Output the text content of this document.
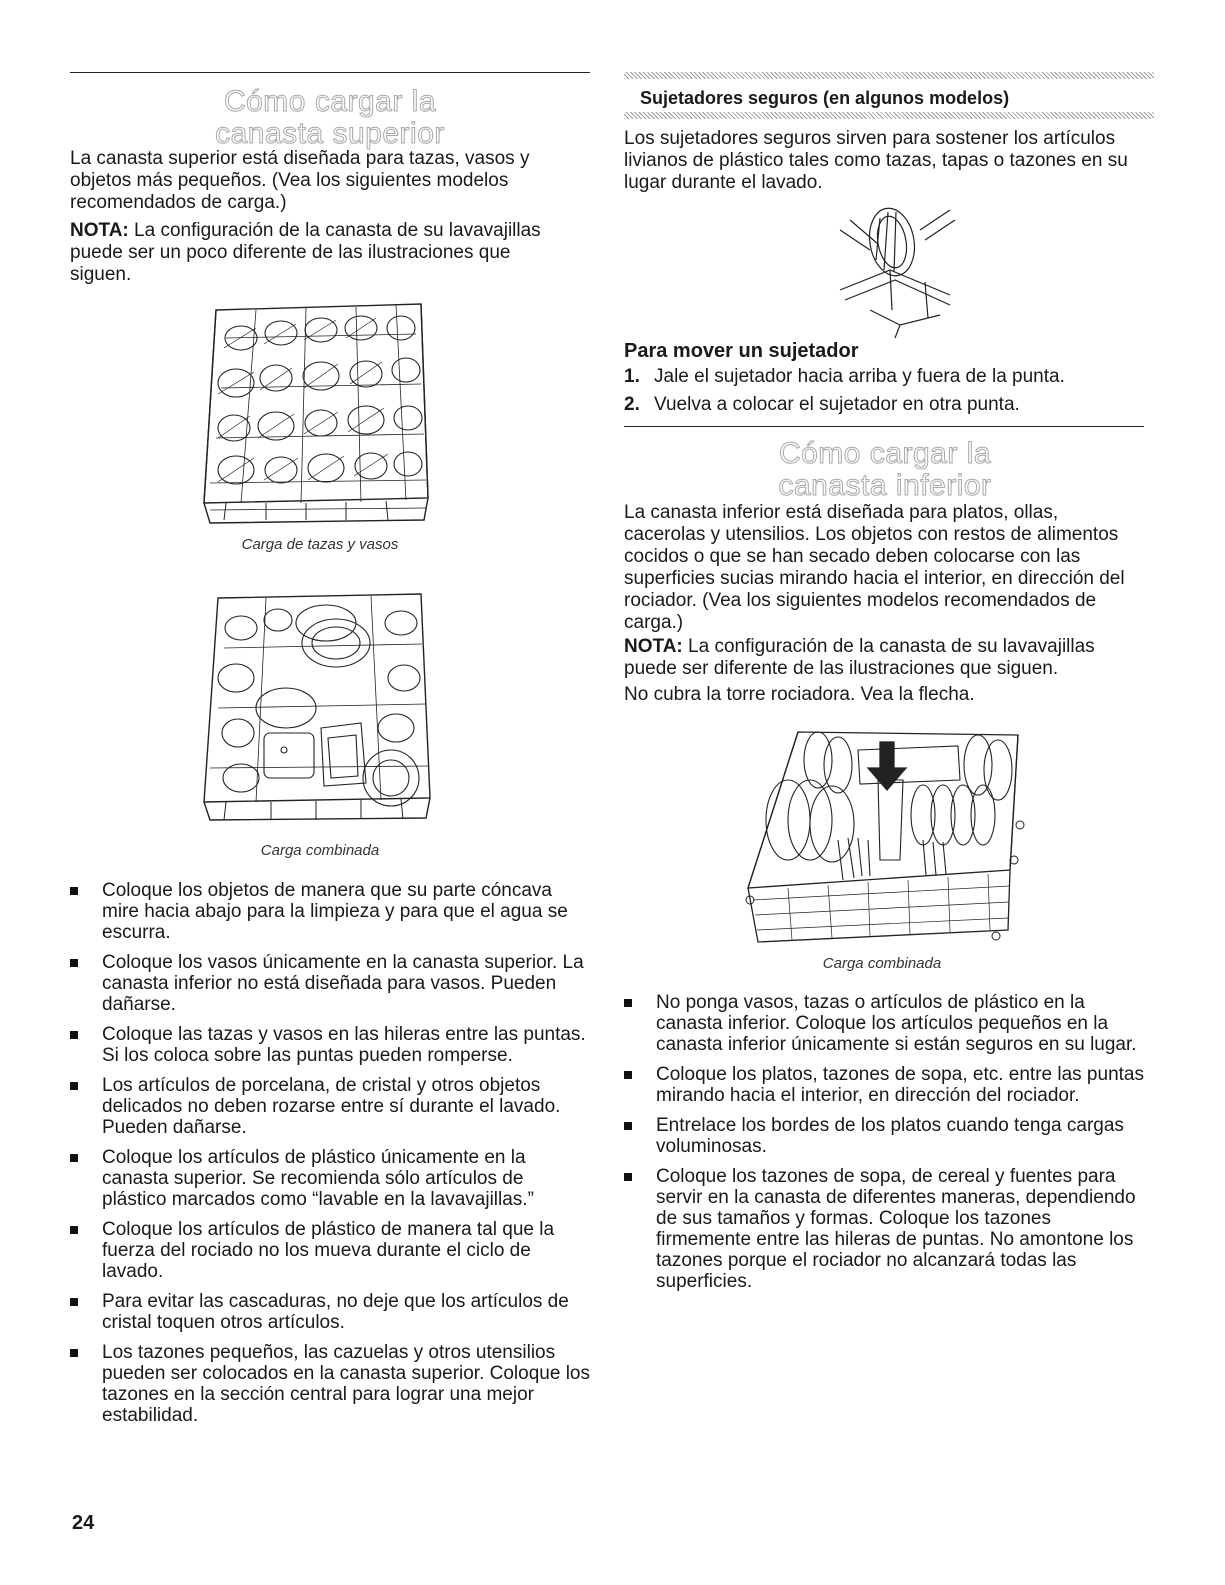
Cómo cargar la
canasta superior

La canasta superior está diseñada para tazas, vasos y objetos más pequeños. (Vea los siguientes modelos recomendados de carga.)

NOTA: La configuración de la canasta de su lavavajillas puede ser un poco diferente de las ilustraciones que siguen.

Carga de tazas y vasos
Carga combinada
Coloque los objetos de manera que su parte cóncava mire hacia abajo para la limpieza y para que el agua se escurra.
Coloque los vasos únicamente en la canasta superior. La canasta inferior no está diseñada para vasos. Pueden dañarse.
Coloque las tazas y vasos en las hileras entre las puntas. Si los coloca sobre las puntas pueden romperse.
Los artículos de porcelana, de cristal y otros objetos delicados no deben rozarse entre sí durante el lavado. Pueden dañarse.
Coloque los artículos de plástico únicamente en la canasta superior. Se recomienda sólo artículos de plástico marcados como “lavable en la lavavajillas.”
Coloque los artículos de plástico de manera tal que la fuerza del rociado no los mueva durante el ciclo de lavado.
Para evitar las cascaduras, no deje que los artículos de cristal toquen otros artículos.
Los tazones pequeños, las cazuelas y otros utensilios pueden ser colocados en la canasta superior. Coloque los tazones en la sección central para lograr una mejor estabilidad.
Sujetadores seguros (en algunos modelos)

Los sujetadores seguros sirven para sostener los artículos livianos de plástico tales como tazas, tapas o tazones en su lugar durante el lavado.

Para mover un sujetador
1. Jale el sujetador hacia arriba y fuera de la punta.
2. Vuelva a colocar el sujetador en otra punta.
Cómo cargar la
canasta inferior

La canasta inferior está diseñada para platos, ollas, cacerolas y utensilios. Los objetos con restos de alimentos cocidos o que se han secado deben colocarse con las superficies sucias mirando hacia el interior, en dirección del rociador. (Vea los siguientes modelos recomendados de carga.)

NOTA: La configuración de la canasta de su lavavajillas puede ser diferente de las ilustraciones que siguen.

No cubra la torre rociadora. Vea la flecha.

Carga combinada
No ponga vasos, tazas o artículos de plástico en la canasta inferior. Coloque los artículos pequeños en la canasta inferior únicamente si están seguros en su lugar.
Coloque los platos, tazones de sopa, etc. entre las puntas mirando hacia el interior, en dirección del rociador.
Entrelace los bordes de los platos cuando tenga cargas voluminosas.
Coloque los tazones de sopa, de cereal y fuentes para servir en la canasta de diferentes maneras, dependiendo de sus tamaños y formas. Coloque los tazones firmemente entre las hileras de puntas. No amontone los tazones porque el rociador no alcanzará todas las superficies.
24
